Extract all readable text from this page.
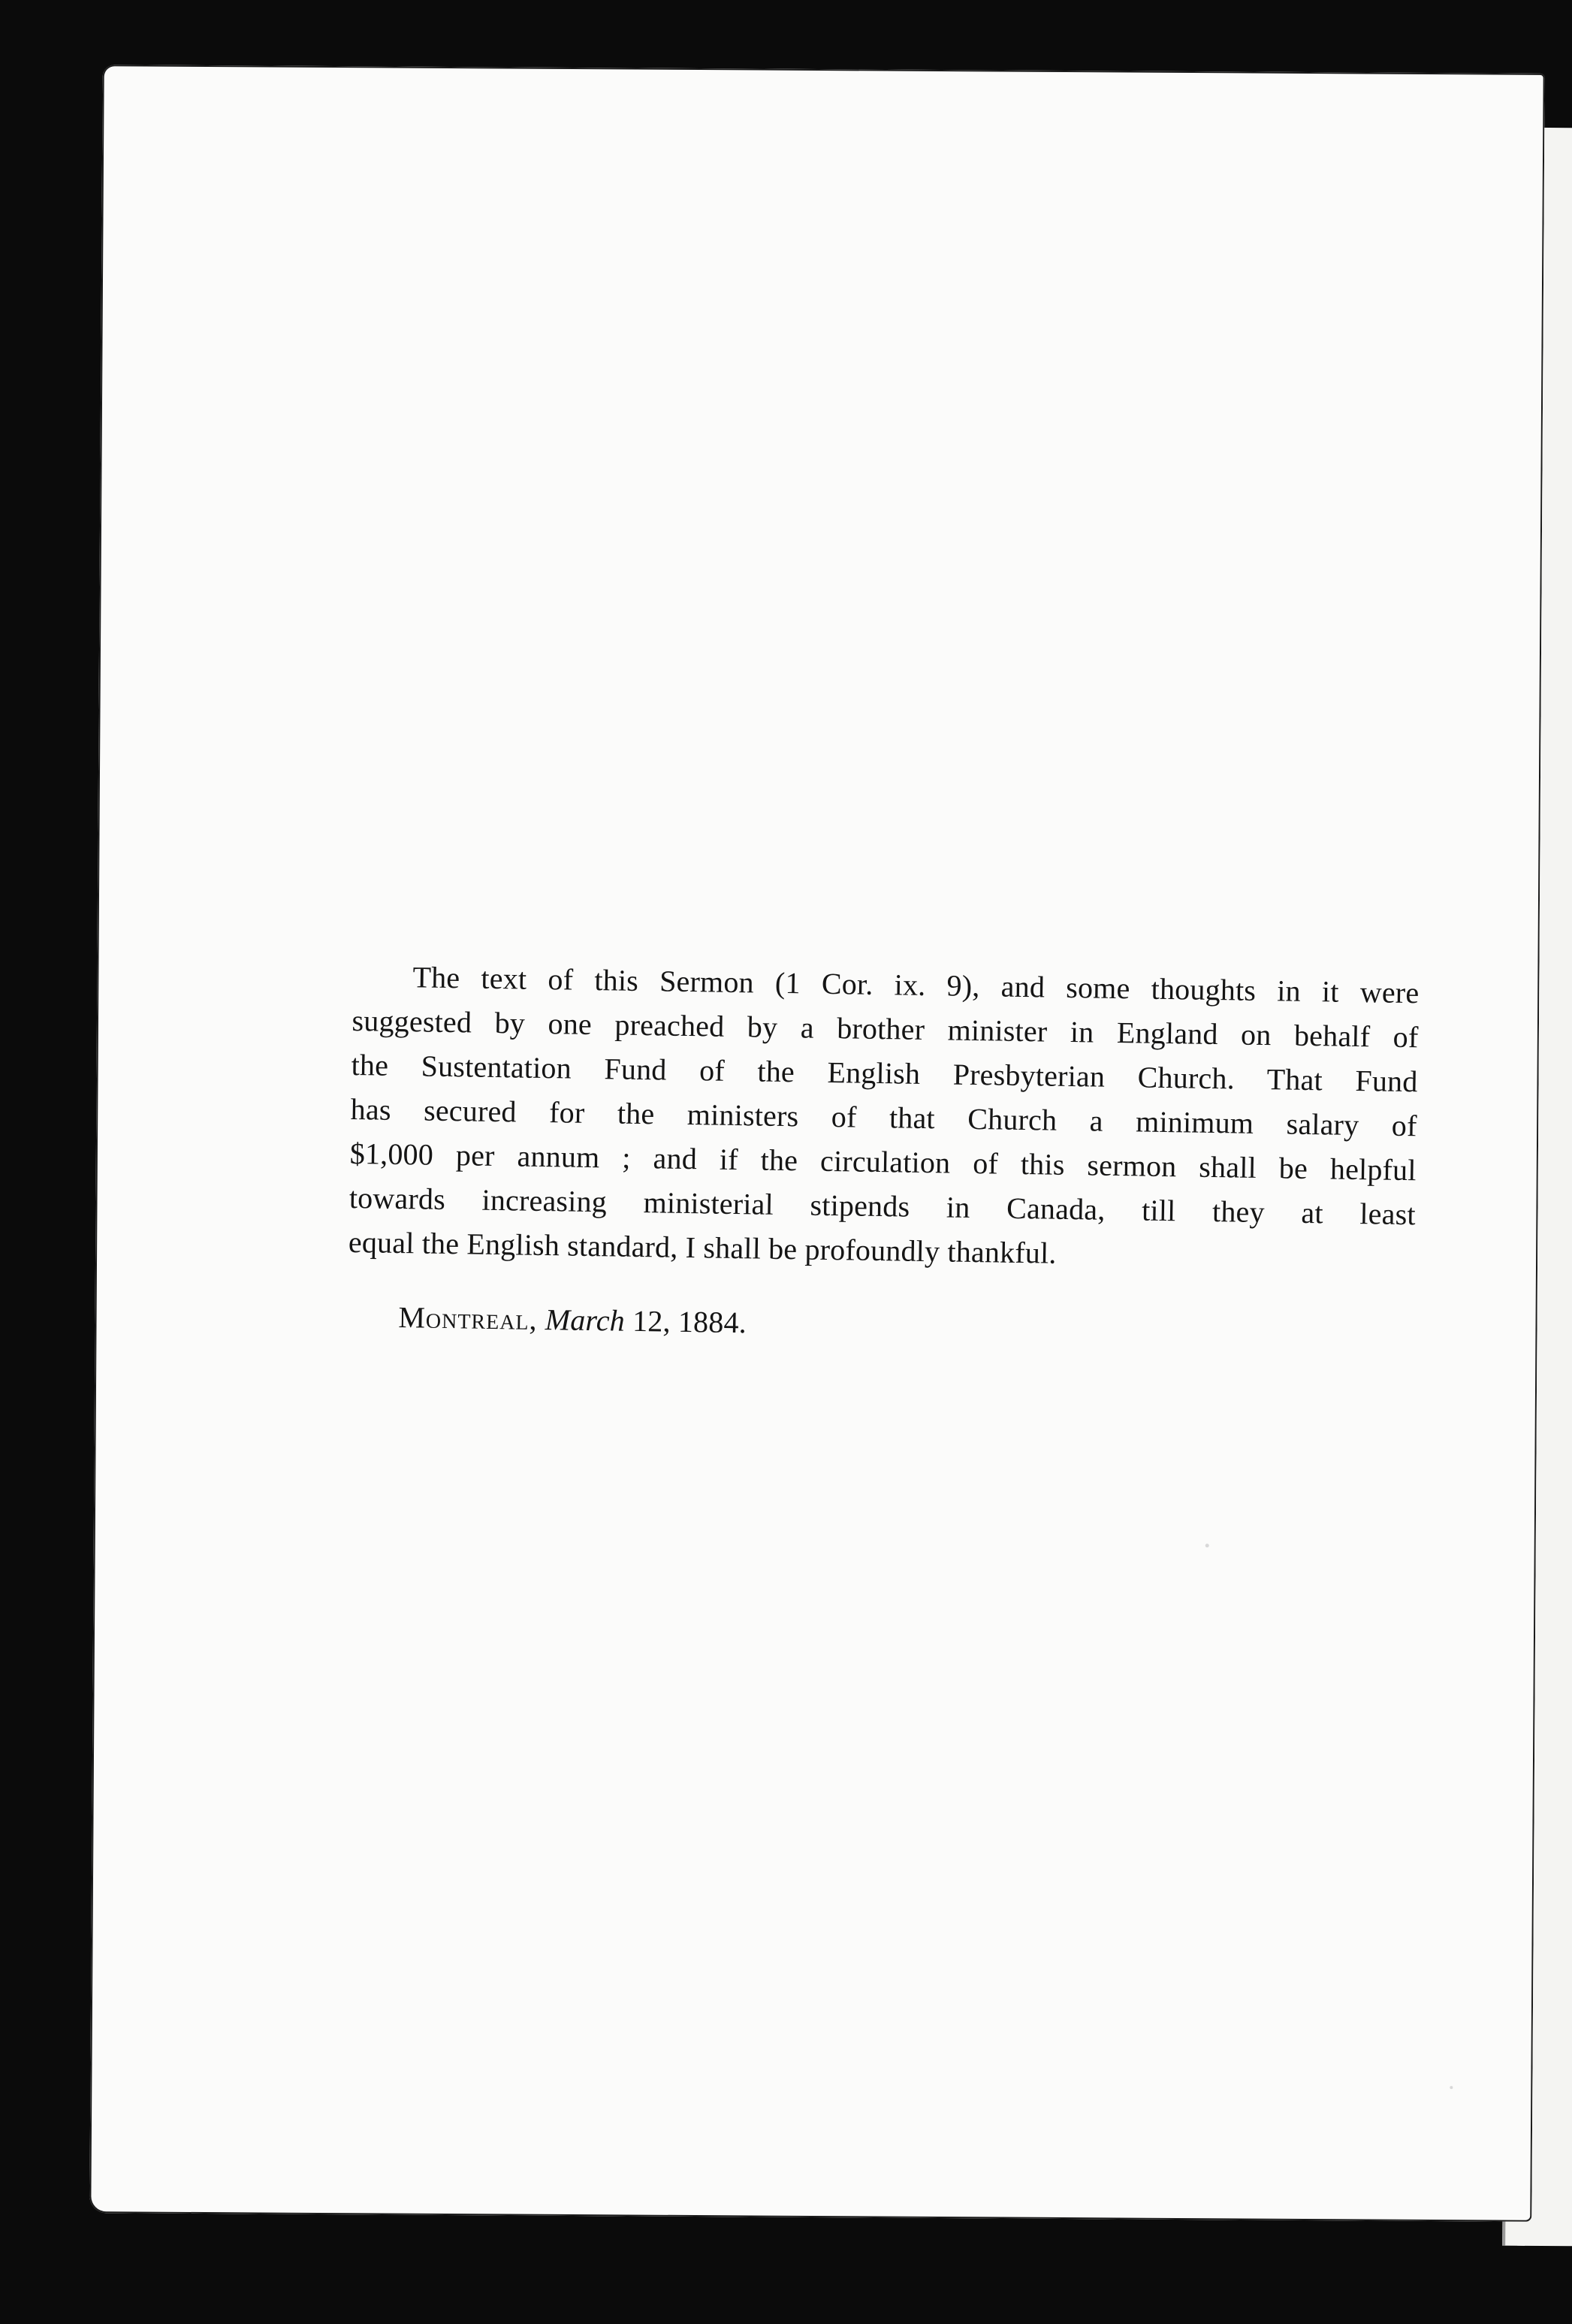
The text of this Sermon (1 Cor. ix. 9), and some thoughts in it were
suggested by one preached by a brother minister in England on behalf of
the Sustentation Fund of the English Presbyterian Church. That Fund
has secured for the ministers of that Church a minimum salary of
$1,000 per annum ; and if the circulation of this sermon shall be helpful
towards increasing ministerial stipends in Canada, till they at least
equal the English standard, I shall be profoundly thankful.
Montreal, March 12, 1884.
